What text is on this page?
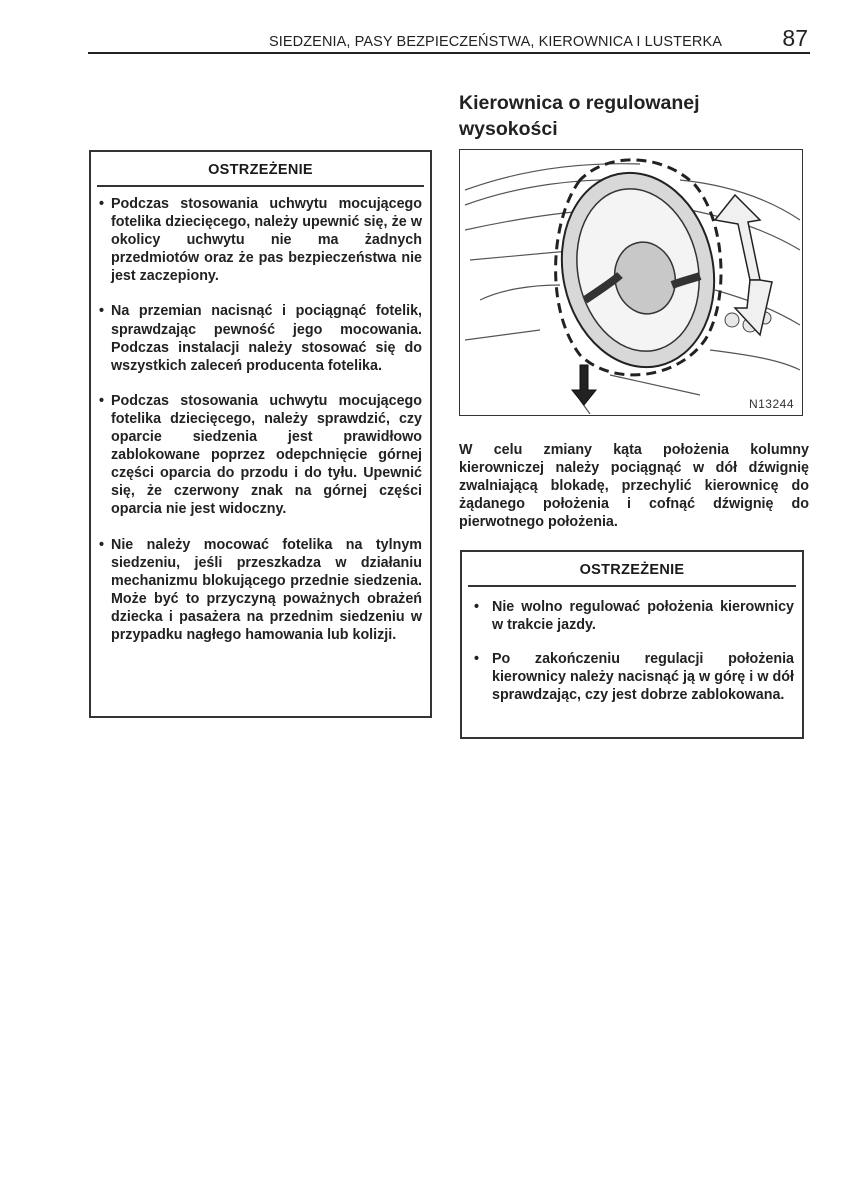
SIEDZENIA, PASY BEZPIECZEŃSTWA, KIEROWNICA I LUSTERKA	87
OSTRZEŻENIE
• Podczas stosowania uchwytu mocującego fotelika dziecięcego, należy upewnić się, że w okolicy uchwytu nie ma żadnych przedmiotów oraz że pas bezpieczeństwa nie jest zaczepiony.
• Na przemian nacisnąć i pociągnąć fotelik, sprawdzając pewność jego mocowania. Podczas instalacji należy stosować się do wszystkich zaleceń producenta fotelika.
• Podczas stosowania uchwytu mocującego fotelika dziecięcego, należy sprawdzić, czy oparcie siedzenia jest prawidłowo zablokowane poprzez odepchnięcie górnej części oparcia do przodu i do tyłu. Upewnić się, że czerwony znak na górnej części oparcia nie jest widoczny.
• Nie należy mocować fotelika na tylnym siedzeniu, jeśli przeszkadza w działaniu mechanizmu blokującego przednie siedzenia. Może być to przyczyną poważnych obrażeń dziecka i pasażera na przednim siedzeniu w przypadku nagłego hamowania lub kolizji.
Kierownica o regulowanej wysokości
N13244
W celu zmiany kąta położenia kolumny kierowniczej należy pociągnąć w dół dźwignię zwalniającą blokadę, przechylić kierownicę do żądanego położenia i cofnąć dźwignię do pierwotnego położenia.
OSTRZEŻENIE
• Nie wolno regulować położenia kierownicy w trakcie jazdy.
• Po zakończeniu regulacji położenia kierownicy należy nacisnąć ją w górę i w dół sprawdzając, czy jest dobrze zablokowana.
